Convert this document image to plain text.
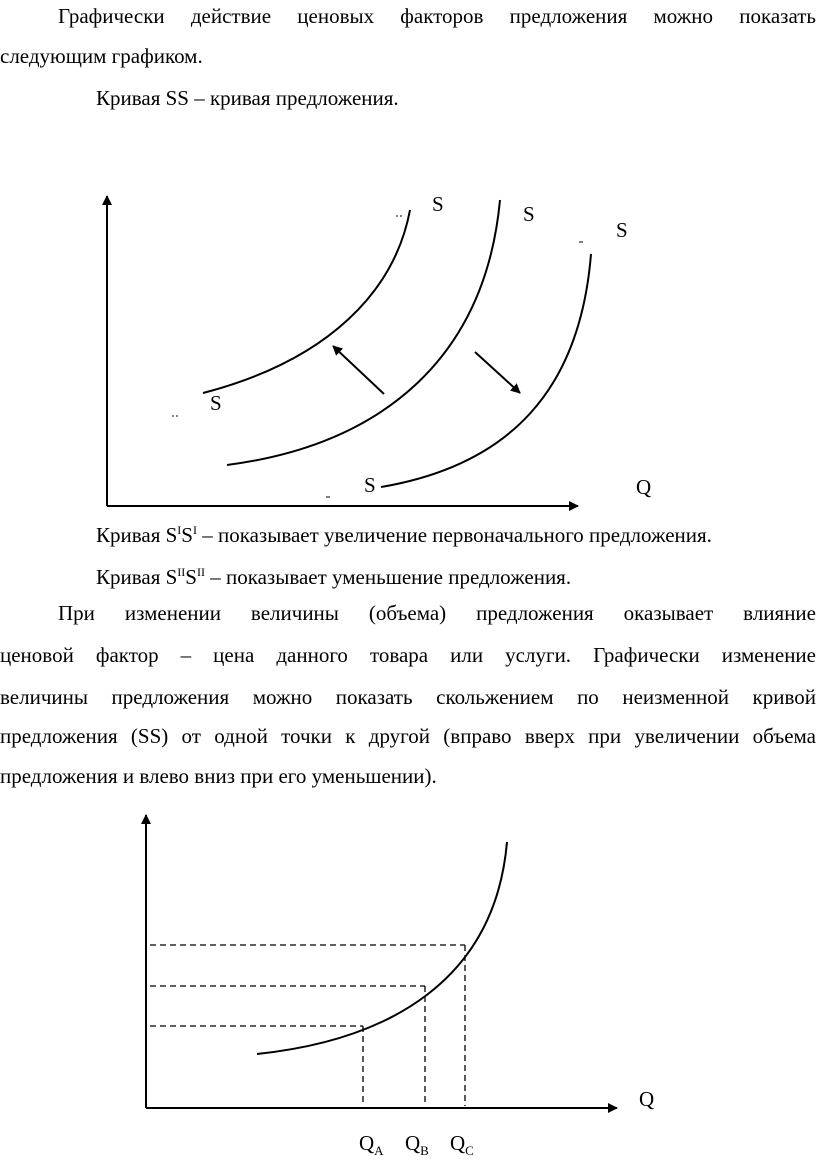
Графически действие ценовых факторов предложения можно показать
следующим графиком.
Кривая SS – кривая предложения.
S	S
S
S
S	Q
Q
$Q_A$ $Q_B$ $Q_C$
Кривая $S^IS^I$ – показывает увеличение первоначального предложения.
Кривая $S^{II}S^{II}$ – показывает уменьшение предложения.
При изменении величины (объема) предложения оказывает влияние
ценовой фактор – цена данного товара или услуги. Графически изменение
величины предложения можно показать скольжением по неизменной кривой
предложения (SS) от одной точки к другой (вправо вверх при увеличении объема
предложения и влево вниз при его уменьшении).
